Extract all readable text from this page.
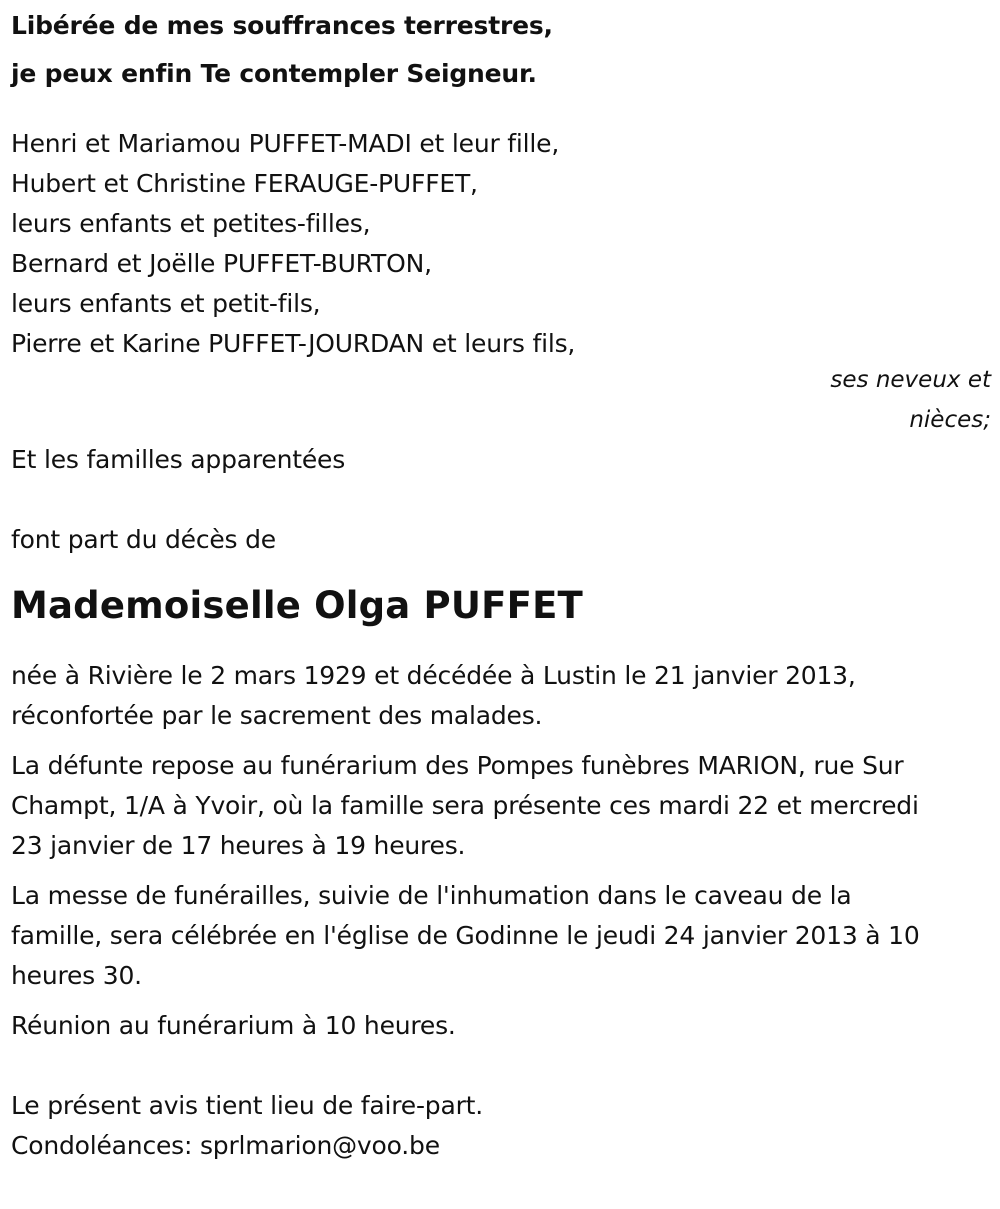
Libérée de mes souffrances terrestres,
je peux enfin Te contempler Seigneur.
Henri et Mariamou PUFFET-MADI et leur fille,
Hubert et Christine FERAUGE-PUFFET,
leurs enfants et petites-filles,
Bernard et Joëlle PUFFET-BURTON,
leurs enfants et petit-fils,
Pierre et Karine PUFFET-JOURDAN et leurs fils,
ses neveux et
nièces;
Et les familles apparentées
font part du décès de
Mademoiselle Olga PUFFET
née à Rivière le 2 mars 1929 et décédée à Lustin le 21 janvier 2013,
réconfortée par le sacrement des malades.
La défunte repose au funérarium des Pompes funèbres MARION, rue Sur
Champt, 1/A à Yvoir, où la famille sera présente ces mardi 22 et mercredi
23 janvier de 17 heures à 19 heures.
La messe de funérailles, suivie de l'inhumation dans le caveau de la
famille, sera célébrée en l'église de Godinne le jeudi 24 janvier 2013 à 10
heures 30.
Réunion au funérarium à 10 heures.
Le présent avis tient lieu de faire-part.
Condoléances: sprlmarion@voo.be
